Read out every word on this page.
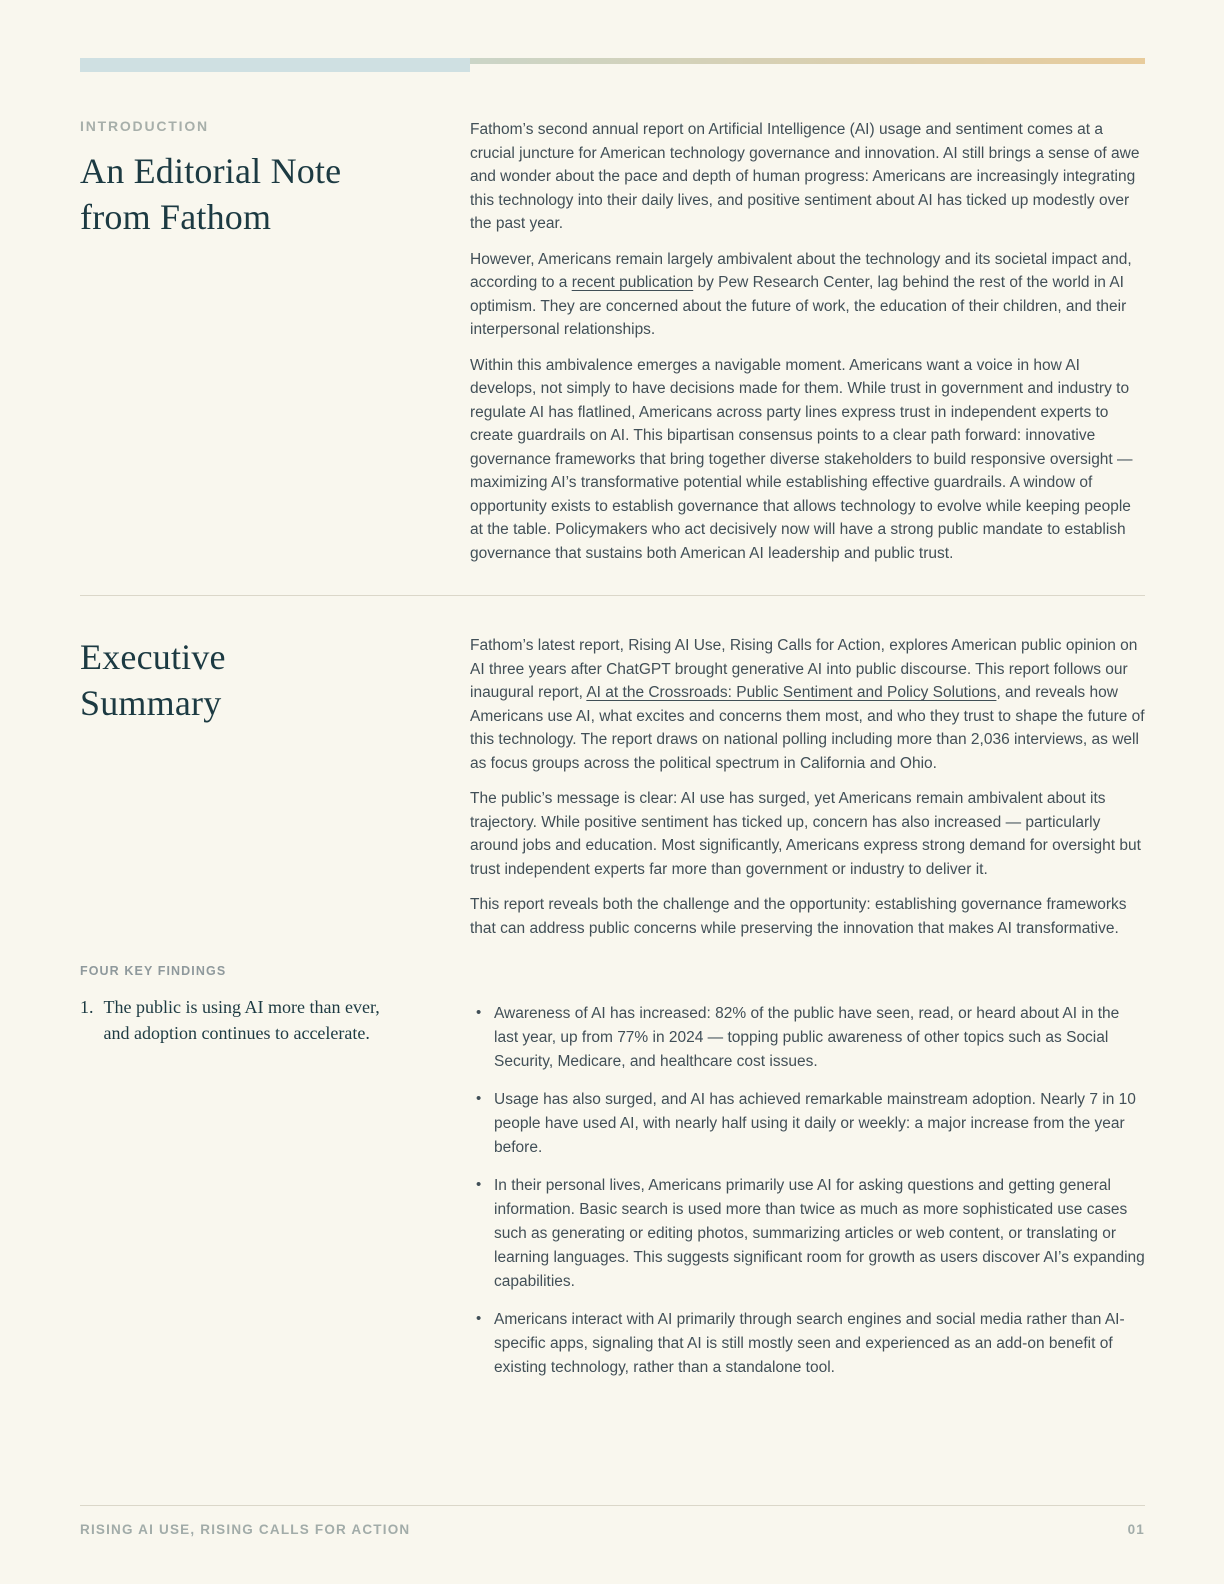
INTRODUCTION
An Editorial Note from Fathom

Fathom’s second annual report on Artificial Intelligence (AI) usage and sentiment comes at a crucial juncture for American technology governance and innovation. AI still brings a sense of awe and wonder about the pace and depth of human progress: Americans are increasingly integrating this technology into their daily lives, and positive sentiment about AI has ticked up modestly over the past year.

However, Americans remain largely ambivalent about the technology and its societal impact and, according to a recent publication by Pew Research Center, lag behind the rest of the world in AI optimism. They are concerned about the future of work, the education of their children, and their interpersonal relationships.

Within this ambivalence emerges a navigable moment. Americans want a voice in how AI develops, not simply to have decisions made for them. While trust in government and industry to regulate AI has flatlined, Americans across party lines express trust in independent experts to create guardrails on AI. This bipartisan consensus points to a clear path forward: innovative governance frameworks that bring together diverse stakeholders to build responsive oversight — maximizing AI’s transformative potential while establishing effective guardrails. A window of opportunity exists to establish governance that allows technology to evolve while keeping people at the table. Policymakers who act decisively now will have a strong public mandate to establish governance that sustains both American AI leadership and public trust.

Executive Summary

Fathom’s latest report, Rising AI Use, Rising Calls for Action, explores American public opinion on AI three years after ChatGPT brought generative AI into public discourse. This report follows our inaugural report, AI at the Crossroads: Public Sentiment and Policy Solutions, and reveals how Americans use AI, what excites and concerns them most, and who they trust to shape the future of this technology. The report draws on national polling including more than 2,036 interviews, as well as focus groups across the political spectrum in California and Ohio.

The public’s message is clear: AI use has surged, yet Americans remain ambivalent about its trajectory. While positive sentiment has ticked up, concern has also increased — particularly around jobs and education. Most significantly, Americans express strong demand for oversight but trust independent experts far more than government or industry to deliver it.

This report reveals both the challenge and the opportunity: establishing governance frameworks that can address public concerns while preserving the innovation that makes AI transformative.

FOUR KEY FINDINGS
1. The public is using AI more than ever, and adoption continues to accelerate.
• Awareness of AI has increased: 82% of the public have seen, read, or heard about AI in the last year, up from 77% in 2024 — topping public awareness of other topics such as Social Security, Medicare, and healthcare cost issues.
• Usage has also surged, and AI has achieved remarkable mainstream adoption. Nearly 7 in 10 people have used AI, with nearly half using it daily or weekly: a major increase from the year before.
• In their personal lives, Americans primarily use AI for asking questions and getting general information. Basic search is used more than twice as much as more sophisticated use cases such as generating or editing photos, summarizing articles or web content, or translating or learning languages. This suggests significant room for growth as users discover AI’s expanding capabilities.
• Americans interact with AI primarily through search engines and social media rather than AI-specific apps, signaling that AI is still mostly seen and experienced as an add-on benefit of existing technology, rather than a standalone tool.
RISING AI USE, RISING CALLS FOR ACTION	01
